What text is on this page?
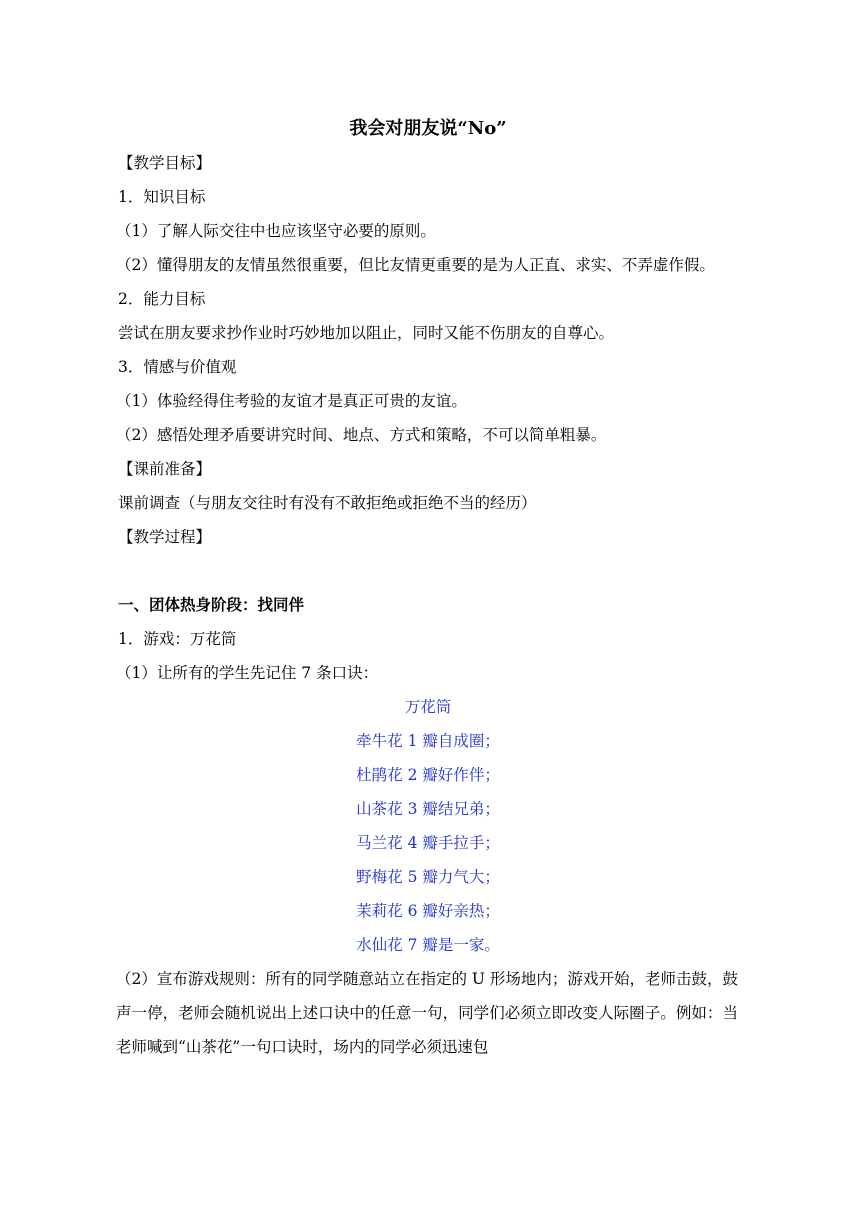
我会对朋友说“No”

【教学目标】

1．知识目标

（1）了解人际交往中也应该坚守必要的原则。

（2）懂得朋友的友情虽然很重要，但比友情更重要的是为人正直、求实、不弄虚作假。

2．能力目标

尝试在朋友要求抄作业时巧妙地加以阻止，同时又能不伤朋友的自尊心。

3．情感与价值观

（1）体验经得住考验的友谊才是真正可贵的友谊。

（2）感悟处理矛盾要讲究时间、地点、方式和策略，不可以简单粗暴。

【课前准备】

课前调查（与朋友交往时有没有不敢拒绝或拒绝不当的经历）

【教学过程】

一、团体热身阶段：找同伴

1．游戏：万花筒

（1）让所有的学生先记住 7 条口诀：

万花筒

牵牛花 1 瓣自成圈；

杜鹃花 2 瓣好作伴；

山茶花 3 瓣结兄弟；

马兰花 4 瓣手拉手；

野梅花 5 瓣力气大；

茉莉花 6 瓣好亲热；

水仙花 7 瓣是一家。

（2）宣布游戏规则：所有的同学随意站立在指定的 U 形场地内；游戏开始，老师击鼓，鼓声一停，老师会随机说出上述口诀中的任意一句，同学们必须立即改变人际圈子。例如：当老师喊到“山茶花”一句口诀时，场内的同学必须迅速包
